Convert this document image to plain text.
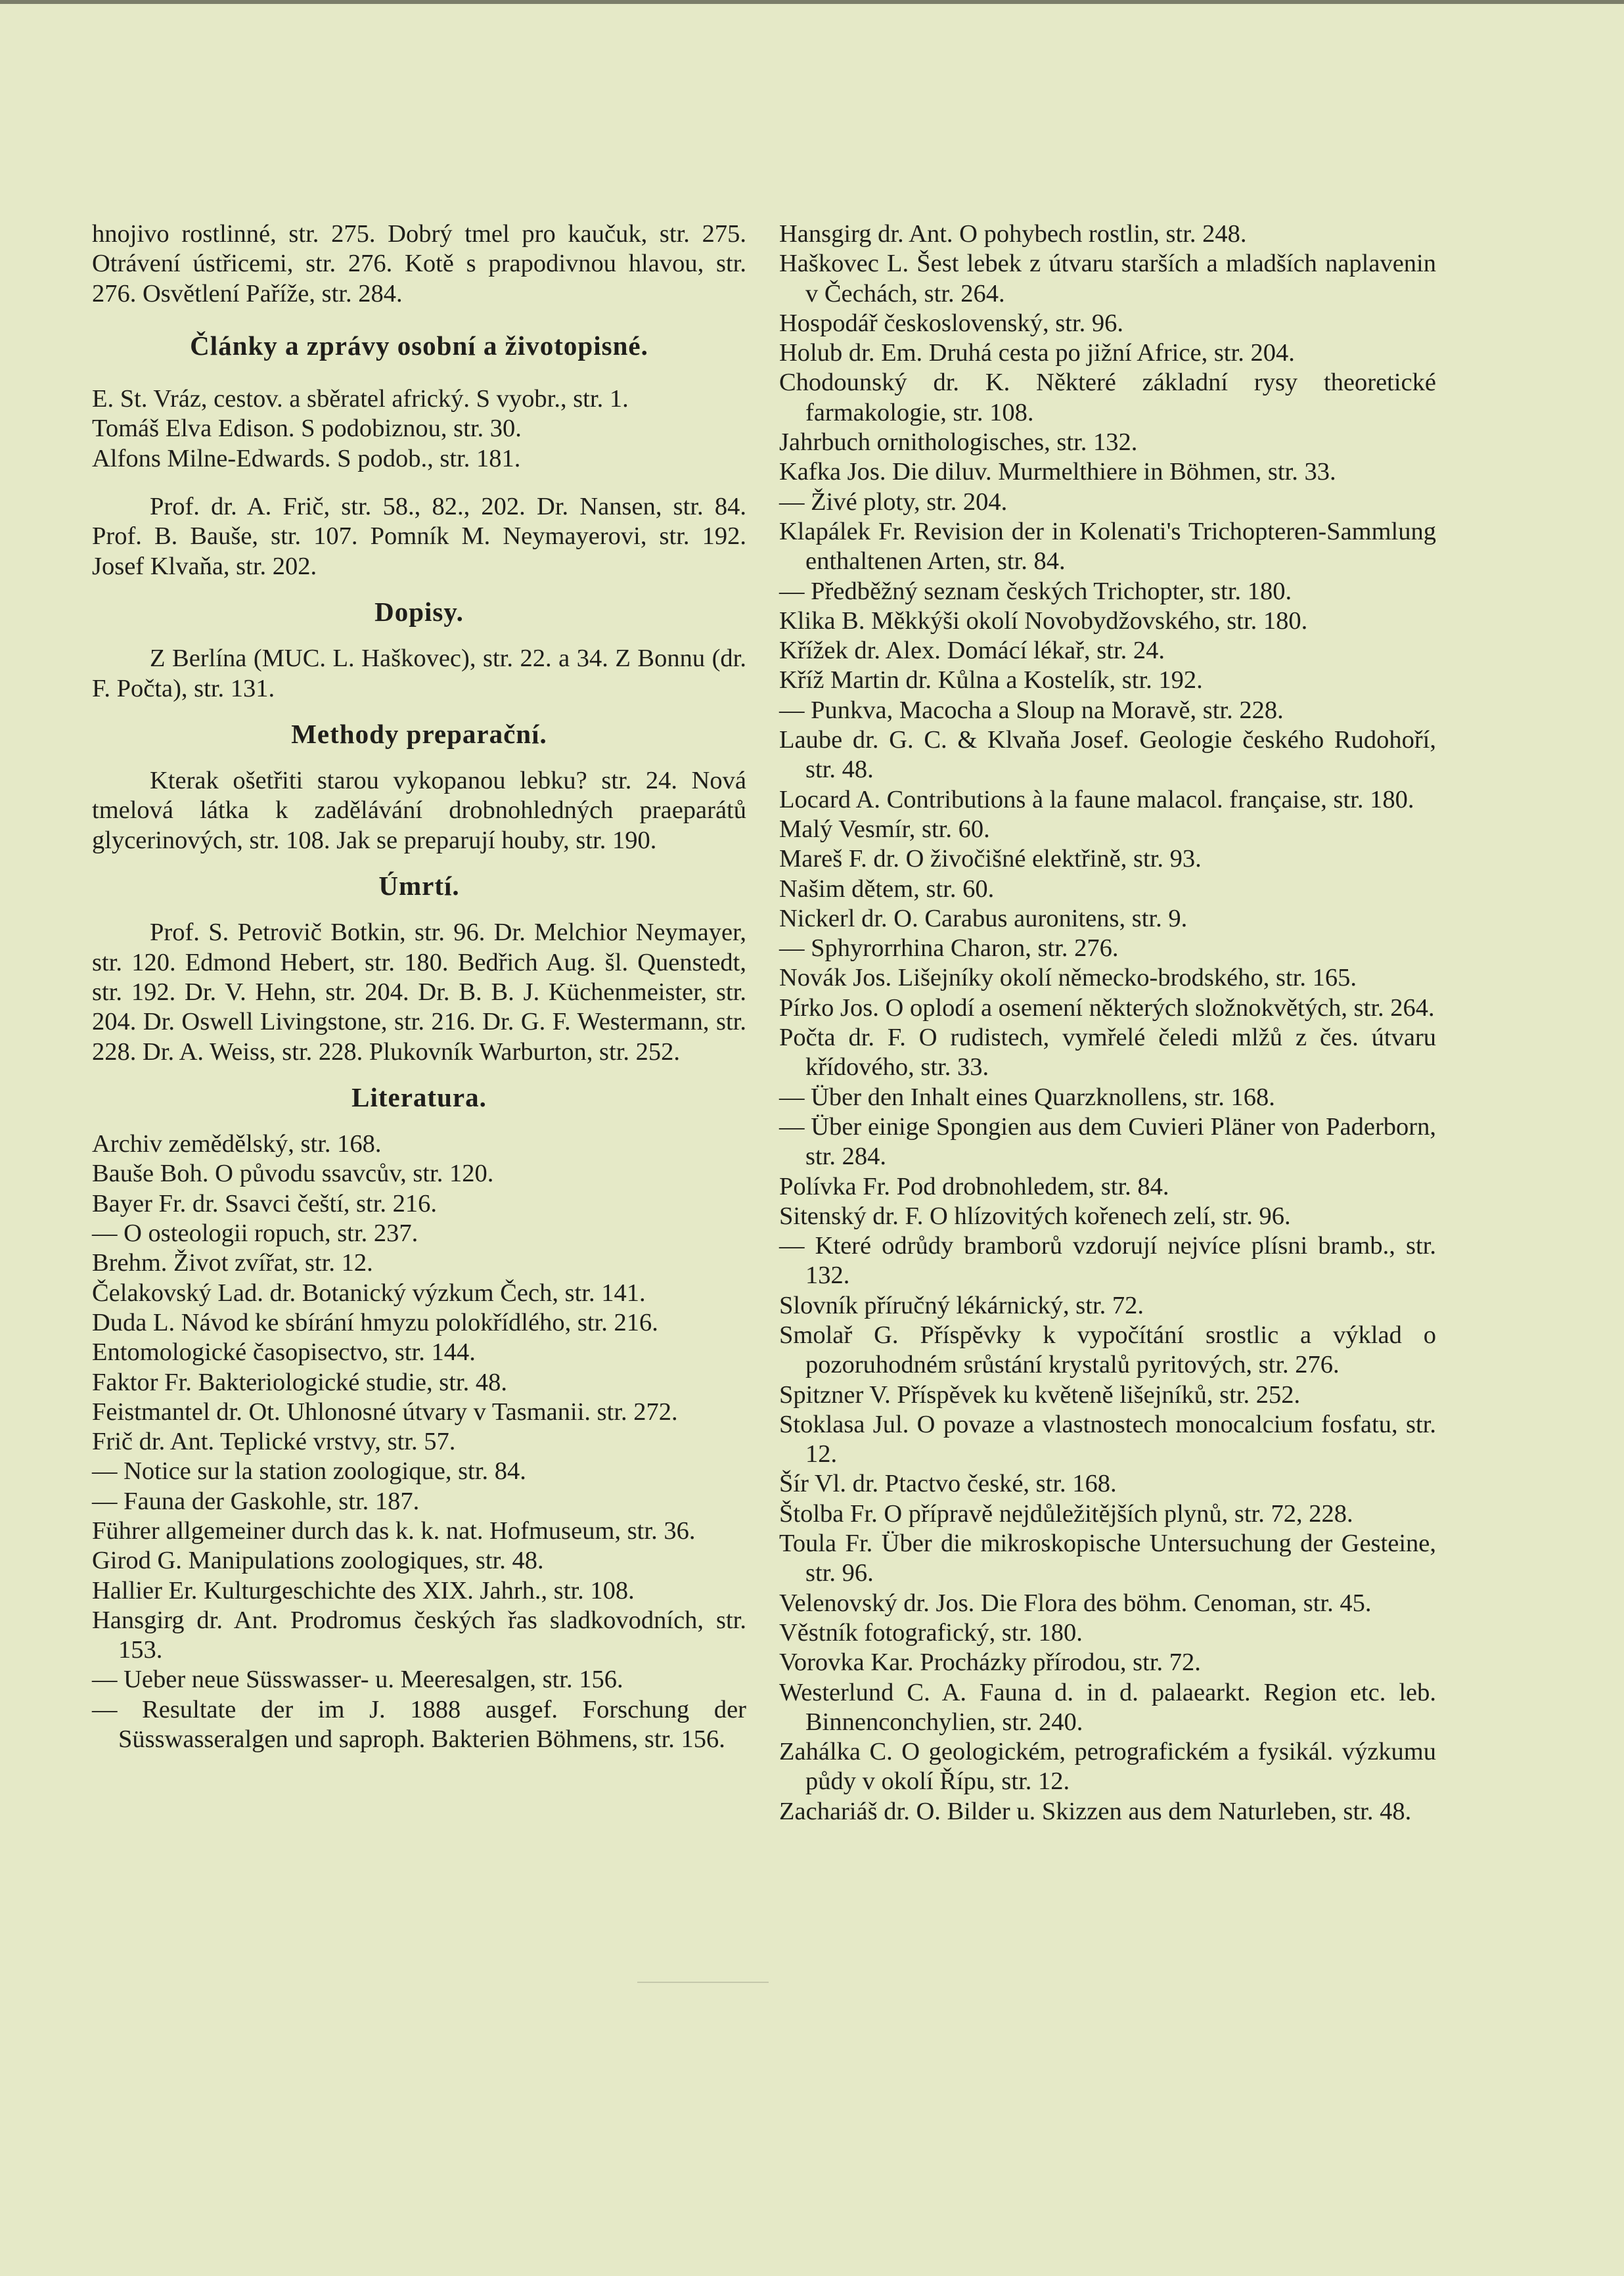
hnojivo rostlinné, str. 275. Dobrý tmel pro kaučuk, str. 275. Otrávení ústřicemi, str. 276. Kotě s prapodivnou hlavou, str. 276. Osvětlení Paříže, str. 284.

Články a zprávy osobní a životopisné.

E. St. Vráz, cestov. a sběratel africký. S vyobr., str. 1.

Tomáš Elva Edison. S podobiznou, str. 30.

Alfons Milne-Edwards. S podob., str. 181.

Prof. dr. A. Frič, str. 58., 82., 202. Dr. Nansen, str. 84. Prof. B. Bauše, str. 107. Pomník M. Neymayerovi, str. 192. Josef Klvaňa, str. 202.

Dopisy.

Z Berlína (MUC. L. Haškovec), str. 22. a 34. Z Bonnu (dr. F. Počta), str. 131.

Methody preparační.

Kterak ošetřiti starou vykopanou lebku? str. 24. Nová tmelová látka k zadělávání drobnohledných praeparátů glycerinových, str. 108. Jak se preparují houby, str. 190.

Úmrtí.

Prof. S. Petrovič Botkin, str. 96. Dr. Melchior Neymayer, str. 120. Edmond Hebert, str. 180. Bedřich Aug. šl. Quenstedt, str. 192. Dr. V. Hehn, str. 204. Dr. B. B. J. Küchenmeister, str. 204. Dr. Oswell Livingstone, str. 216. Dr. G. F. Westermann, str. 228. Dr. A. Weiss, str. 228. Plukovník Warburton, str. 252.

Literatura.

Archiv zemědělský, str. 168.

Bauše Boh. O původu ssavcův, str. 120.

Bayer Fr. dr. Ssavci čeští, str. 216.

— O osteologii ropuch, str. 237.

Brehm. Život zvířat, str. 12.

Čelakovský Lad. dr. Botanický výzkum Čech, str. 141.

Duda L. Návod ke sbírání hmyzu polokřídlého, str. 216.

Entomologické časopisectvo, str. 144.

Faktor Fr. Bakteriologické studie, str. 48.

Feistmantel dr. Ot. Uhlonosné útvary v Tasmanii. str. 272.

Frič dr. Ant. Teplické vrstvy, str. 57.

— Notice sur la station zoologique, str. 84.

— Fauna der Gaskohle, str. 187.

Führer allgemeiner durch das k. k. nat. Hofmuseum, str. 36.

Girod G. Manipulations zoologiques, str. 48.

Hallier Er. Kulturgeschichte des XIX. Jahrh., str. 108.

Hansgirg dr. Ant. Prodromus českých řas sladkovodních, str. 153.

— Ueber neue Süsswasser- u. Meeresalgen, str. 156.

— Resultate der im J. 1888 ausgef. Forschung der Süsswasseralgen und saproph. Bakterien Böhmens, str. 156.

Hansgirg dr. Ant. O pohybech rostlin, str. 248.

Haškovec L. Šest lebek z útvaru starších a mladších naplavenin v Čechách, str. 264.

Hospodář československý, str. 96.

Holub dr. Em. Druhá cesta po jižní Africe, str. 204.

Chodounský dr. K. Některé základní rysy theoretické farmakologie, str. 108.

Jahrbuch ornithologisches, str. 132.

Kafka Jos. Die diluv. Murmelthiere in Böhmen, str. 33.

— Živé ploty, str. 204.

Klapálek Fr. Revision der in Kolenati's Trichopteren-Sammlung enthaltenen Arten, str. 84.

— Předběžný seznam českých Trichopter, str. 180.

Klika B. Měkkýši okolí Novobydžovského, str. 180.

Křížek dr. Alex. Domácí lékař, str. 24.

Kříž Martin dr. Kůlna a Kostelík, str. 192.

— Punkva, Macocha a Sloup na Moravě, str. 228.

Laube dr. G. C. & Klvaňa Josef. Geologie českého Rudohoří, str. 48.

Locard A. Contributions à la faune malacol. française, str. 180.

Malý Vesmír, str. 60.

Mareš F. dr. O živočišné elektřině, str. 93.

Našim dětem, str. 60.

Nickerl dr. O. Carabus auronitens, str. 9.

— Sphyrorrhina Charon, str. 276.

Novák Jos. Lišejníky okolí německo-brodského, str. 165.

Pírko Jos. O oplodí a osemení některých složnokvětých, str. 264.

Počta dr. F. O rudistech, vymřelé čeledi mlžů z čes. útvaru křídového, str. 33.

— Über den Inhalt eines Quarzknollens, str. 168.

— Über einige Spongien aus dem Cuvieri Pläner von Paderborn, str. 284.

Polívka Fr. Pod drobnohledem, str. 84.

Sitenský dr. F. O hlízovitých kořenech zelí, str. 96.

— Které odrůdy bramborů vzdorují nejvíce plísni bramb., str. 132.

Slovník příručný lékárnický, str. 72.

Smolař G. Příspěvky k vypočítání srostlic a výklad o pozoruhodném srůstání krystalů pyritových, str. 276.

Spitzner V. Příspěvek ku květeně lišejníků, str. 252.

Stoklasa Jul. O povaze a vlastnostech monocalcium fosfatu, str. 12.

Šír Vl. dr. Ptactvo české, str. 168.

Štolba Fr. O přípravě nejdůležitějších plynů, str. 72, 228.

Toula Fr. Über die mikroskopische Untersuchung der Gesteine, str. 96.

Velenovský dr. Jos. Die Flora des böhm. Cenoman, str. 45.

Věstník fotografický, str. 180.

Vorovka Kar. Procházky přírodou, str. 72.

Westerlund C. A. Fauna d. in d. palaearkt. Region etc. leb. Binnenconchylien, str. 240.

Zahálka C. O geologickém, petrografickém a fysikál. výzkumu půdy v okolí Řípu, str. 12.

Zachariáš dr. O. Bilder u. Skizzen aus dem Naturleben, str. 48.
